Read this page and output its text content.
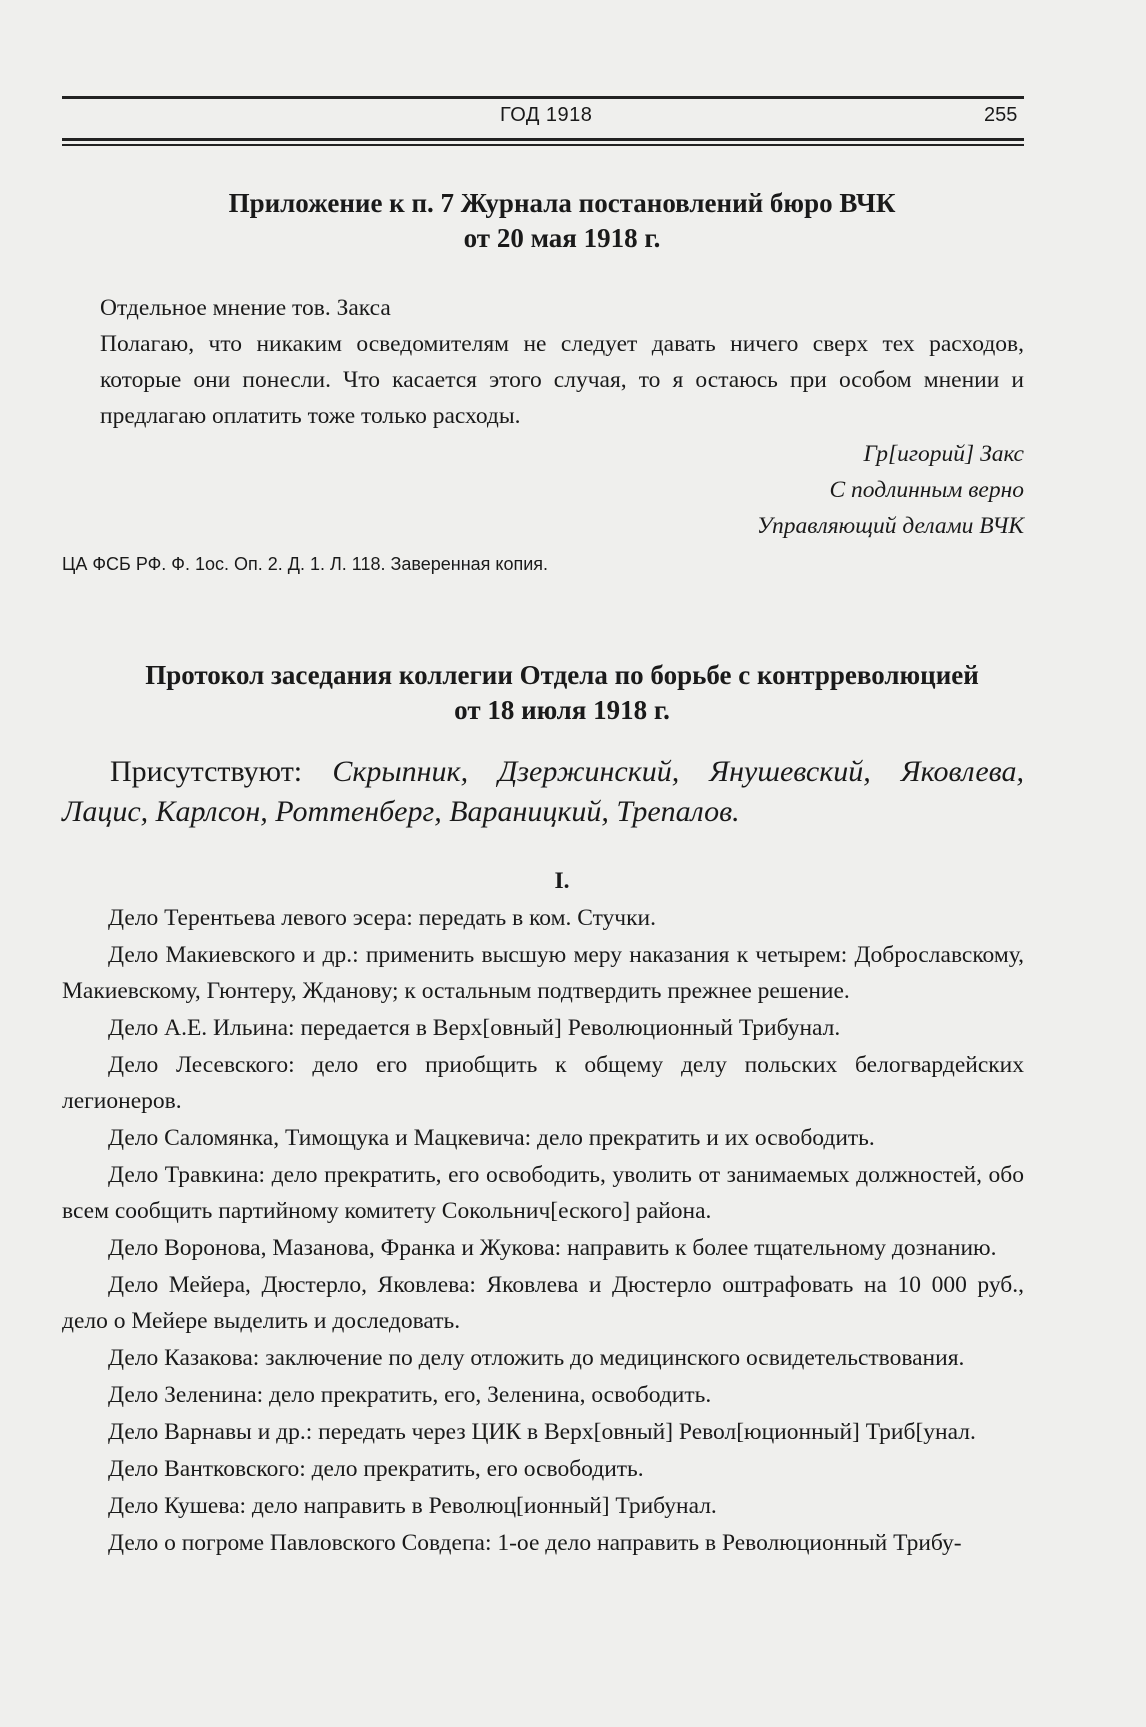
ГОД 1918	255

Приложение к п. 7 Журнала постановлений бюро ВЧК

от 20 мая 1918 г.

Отдельное мнение тов. Закса

Полагаю, что никаким осведомителям не следует давать ничего сверх тех расходов, которые они понесли. Что касается этого случая, то я остаюсь при особом мнении и предлагаю оплатить тоже только расходы.

Гр[игорий] Закс

С подлинным верно

Управляющий делами ВЧК

ЦА ФСБ РФ. Ф. 1ос. Оп. 2. Д. 1. Л. 118. Заверенная копия.

Протокол заседания коллегии Отдела по борьбе с контрреволюцией

от 18 июля 1918 г.

Присутствуют: Скрыпник, Дзержинский, Янушевский, Яковлева, Лацис, Карлсон, Роттенберг, Вараницкий, Трепалов.

I.

Дело Терентьева левого эсера: передать в ком. Стучки.

Дело Макиевского и др.: применить высшую меру наказания к четырем: Доброславскому, Макиевскому, Гюнтеру, Жданову; к остальным подтвердить прежнее решение.

Дело А.Е. Ильина: передается в Верх[овный] Революционный Трибунал.

Дело Лесевского: дело его приобщить к общему делу польских белогвардейских легионеров.

Дело Саломянка, Тимощука и Мацкевича: дело прекратить и их освободить.

Дело Травкина: дело прекратить, его освободить, уволить от занимаемых должностей, обо всем сообщить партийному комитету Сокольнич[еского] района.

Дело Воронова, Мазанова, Франка и Жукова: направить к более тщательному дознанию.

Дело Мейера, Дюстерло, Яковлева: Яковлева и Дюстерло оштрафовать на 10 000 руб., дело о Мейере выделить и доследовать.

Дело Казакова: заключение по делу отложить до медицинского освидетельствования.

Дело Зеленина: дело прекратить, его, Зеленина, освободить.

Дело Варнавы и др.: передать через ЦИК в Верх[овный] Револ[юционный] Триб[унал.

Дело Вантковского: дело прекратить, его освободить.

Дело Кушева: дело направить в Революц[ионный] Трибунал.

Дело о погроме Павловского Совдепа: 1-ое дело направить в Революционный Трибу-
